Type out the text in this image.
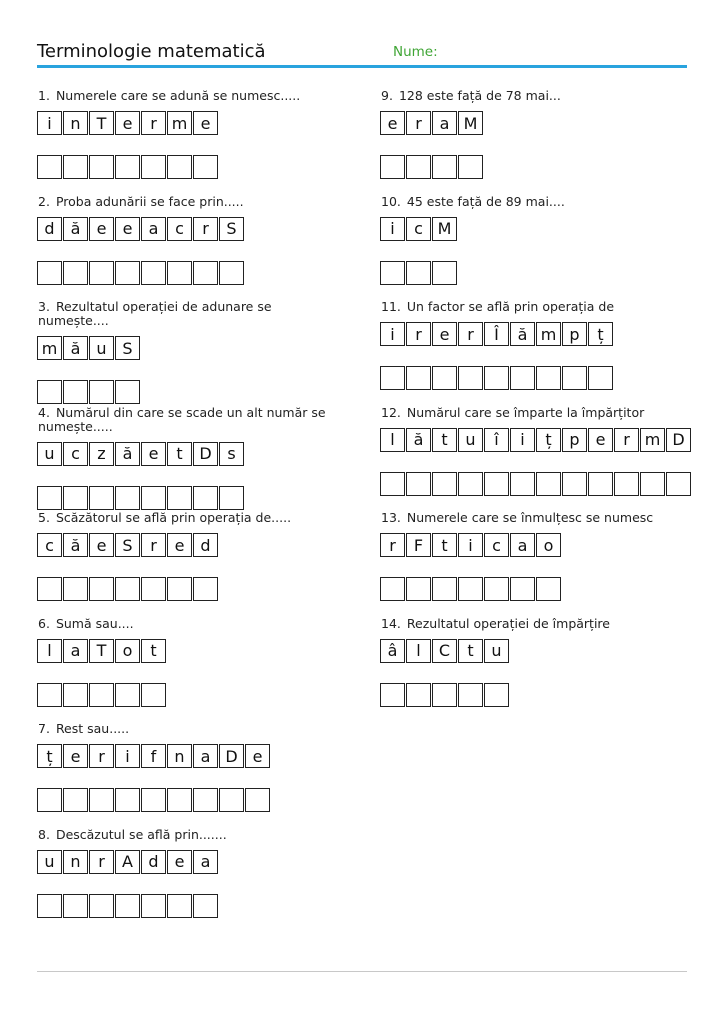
Terminologie matematică	Nume:
1. Numerele care se adună se numesc.....
i	n	T	e	r m e
2. Proba adunării se face prin.....
d	ă	e	e	a	c	r	S
3. Rezultatul operației de adunare se numește....
m ă	u S
4. Numărul din care se scade un alt număr se numește.....
u	c	z	ă	e	t	D s
5. Scăzătorul se află prin operația de.....
c	ă	e	S	r	e	d
6. Sumă sau....
l	a	T	o	t
7. Rest sau.....
ț	e	r	i	f	n	a D e
8. Descăzutul se află prin.......
u n	r	A d	e	a
9. 128 este față de 78 mai...
e	r	a M
10. 45 este față de 89 mai....
i	c M
11. Un factor se află prin operația de
i	r	e	r	Î	ă m p	ț
12. Numărul care se împarte la împărțitor
l	ă	t	u	î	i	ț	p	e	r m D
13. Numerele care se înmulțesc se numesc
r	F	t	i	c	a	o
14. Rezultatul operației de împărțire
â	l	C	t	u
